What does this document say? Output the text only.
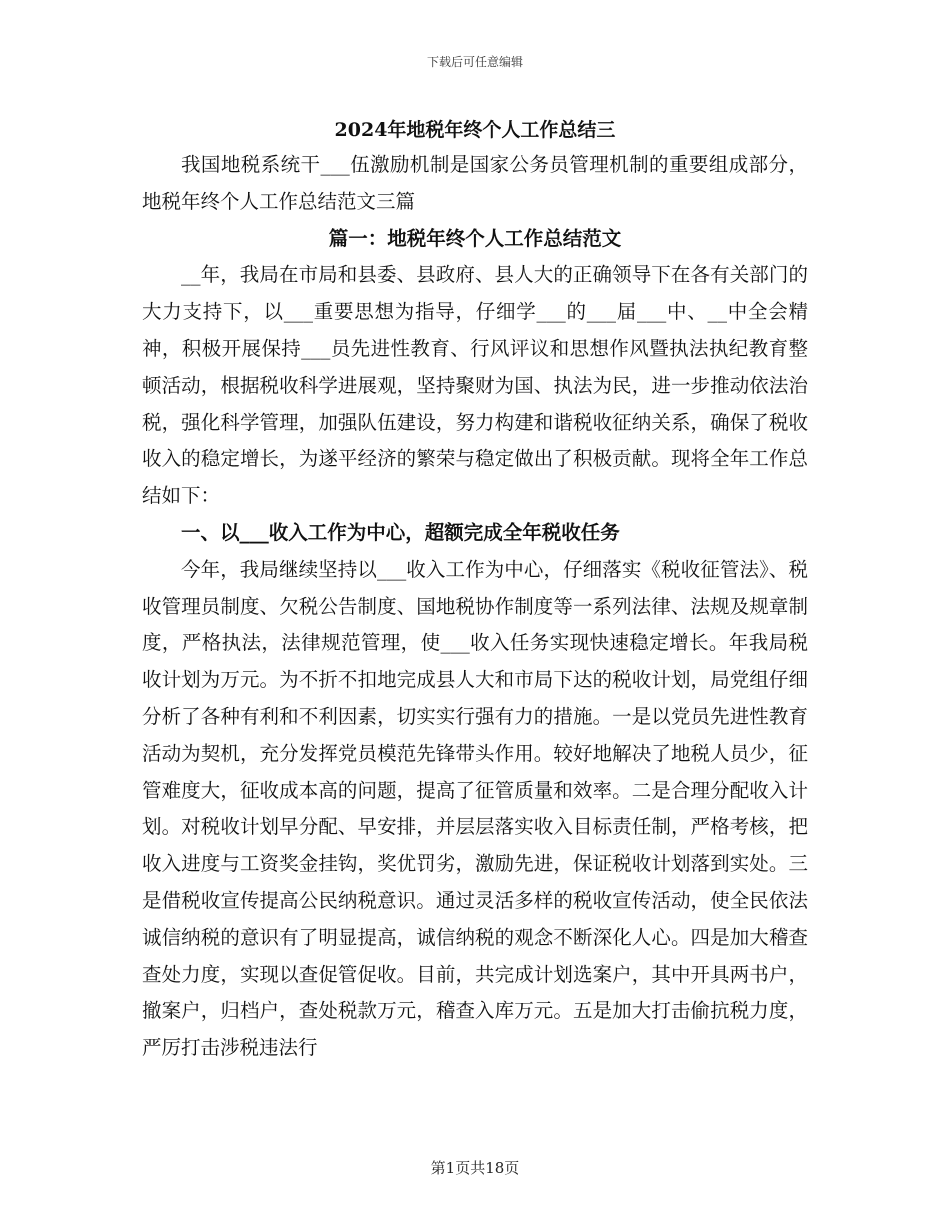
下载后可任意编辑
2024年地税年终个人工作总结三

我国地税系统干___伍激励机制是国家公务员管理机制的重要组成部分，地税年终个人工作总结范文三篇

篇一：地税年终个人工作总结范文

__年，我局在市局和县委、县政府、县人大的正确领导下在各有关部门的大力支持下，以___重要思想为指导，仔细学___的___届___中、__中全会精神，积极开展保持___员先进性教育、行风评议和思想作风暨执法执纪教育整顿活动，根据税收科学进展观，坚持聚财为国、执法为民，进一步推动依法治税，强化科学管理，加强队伍建设，努力构建和谐税收征纳关系，确保了税收收入的稳定增长，为遂平经济的繁荣与稳定做出了积极贡献。现将全年工作总结如下：

一、以___收入工作为中心，超额完成全年税收任务

今年，我局继续坚持以___收入工作为中心，仔细落实《税收征管法》、税收管理员制度、欠税公告制度、国地税协作制度等一系列法律、法规及规章制度，严格执法，法律规范管理，使___收入任务实现快速稳定增长。年我局税收计划为万元。为不折不扣地完成县人大和市局下达的税收计划，局党组仔细分析了各种有利和不利因素，切实实行强有力的措施。一是以党员先进性教育活动为契机，充分发挥党员模范先锋带头作用。较好地解决了地税人员少，征管难度大，征收成本高的问题，提高了征管质量和效率。二是合理分配收入计划。对税收计划早分配、早安排，并层层落实收入目标责任制，严格考核，把收入进度与工资奖金挂钩，奖优罚劣，激励先进，保证税收计划落到实处。三是借税收宣传提高公民纳税意识。通过灵活多样的税收宣传活动，使全民依法诚信纳税的意识有了明显提高，诚信纳税的观念不断深化人心。四是加大稽查查处力度，实现以查促管促收。目前，共完成计划选案户，其中开具两书户，撤案户，归档户，查处税款万元，稽查入库万元。五是加大打击偷抗税力度，严厉打击涉税违法行

第1页共18页
